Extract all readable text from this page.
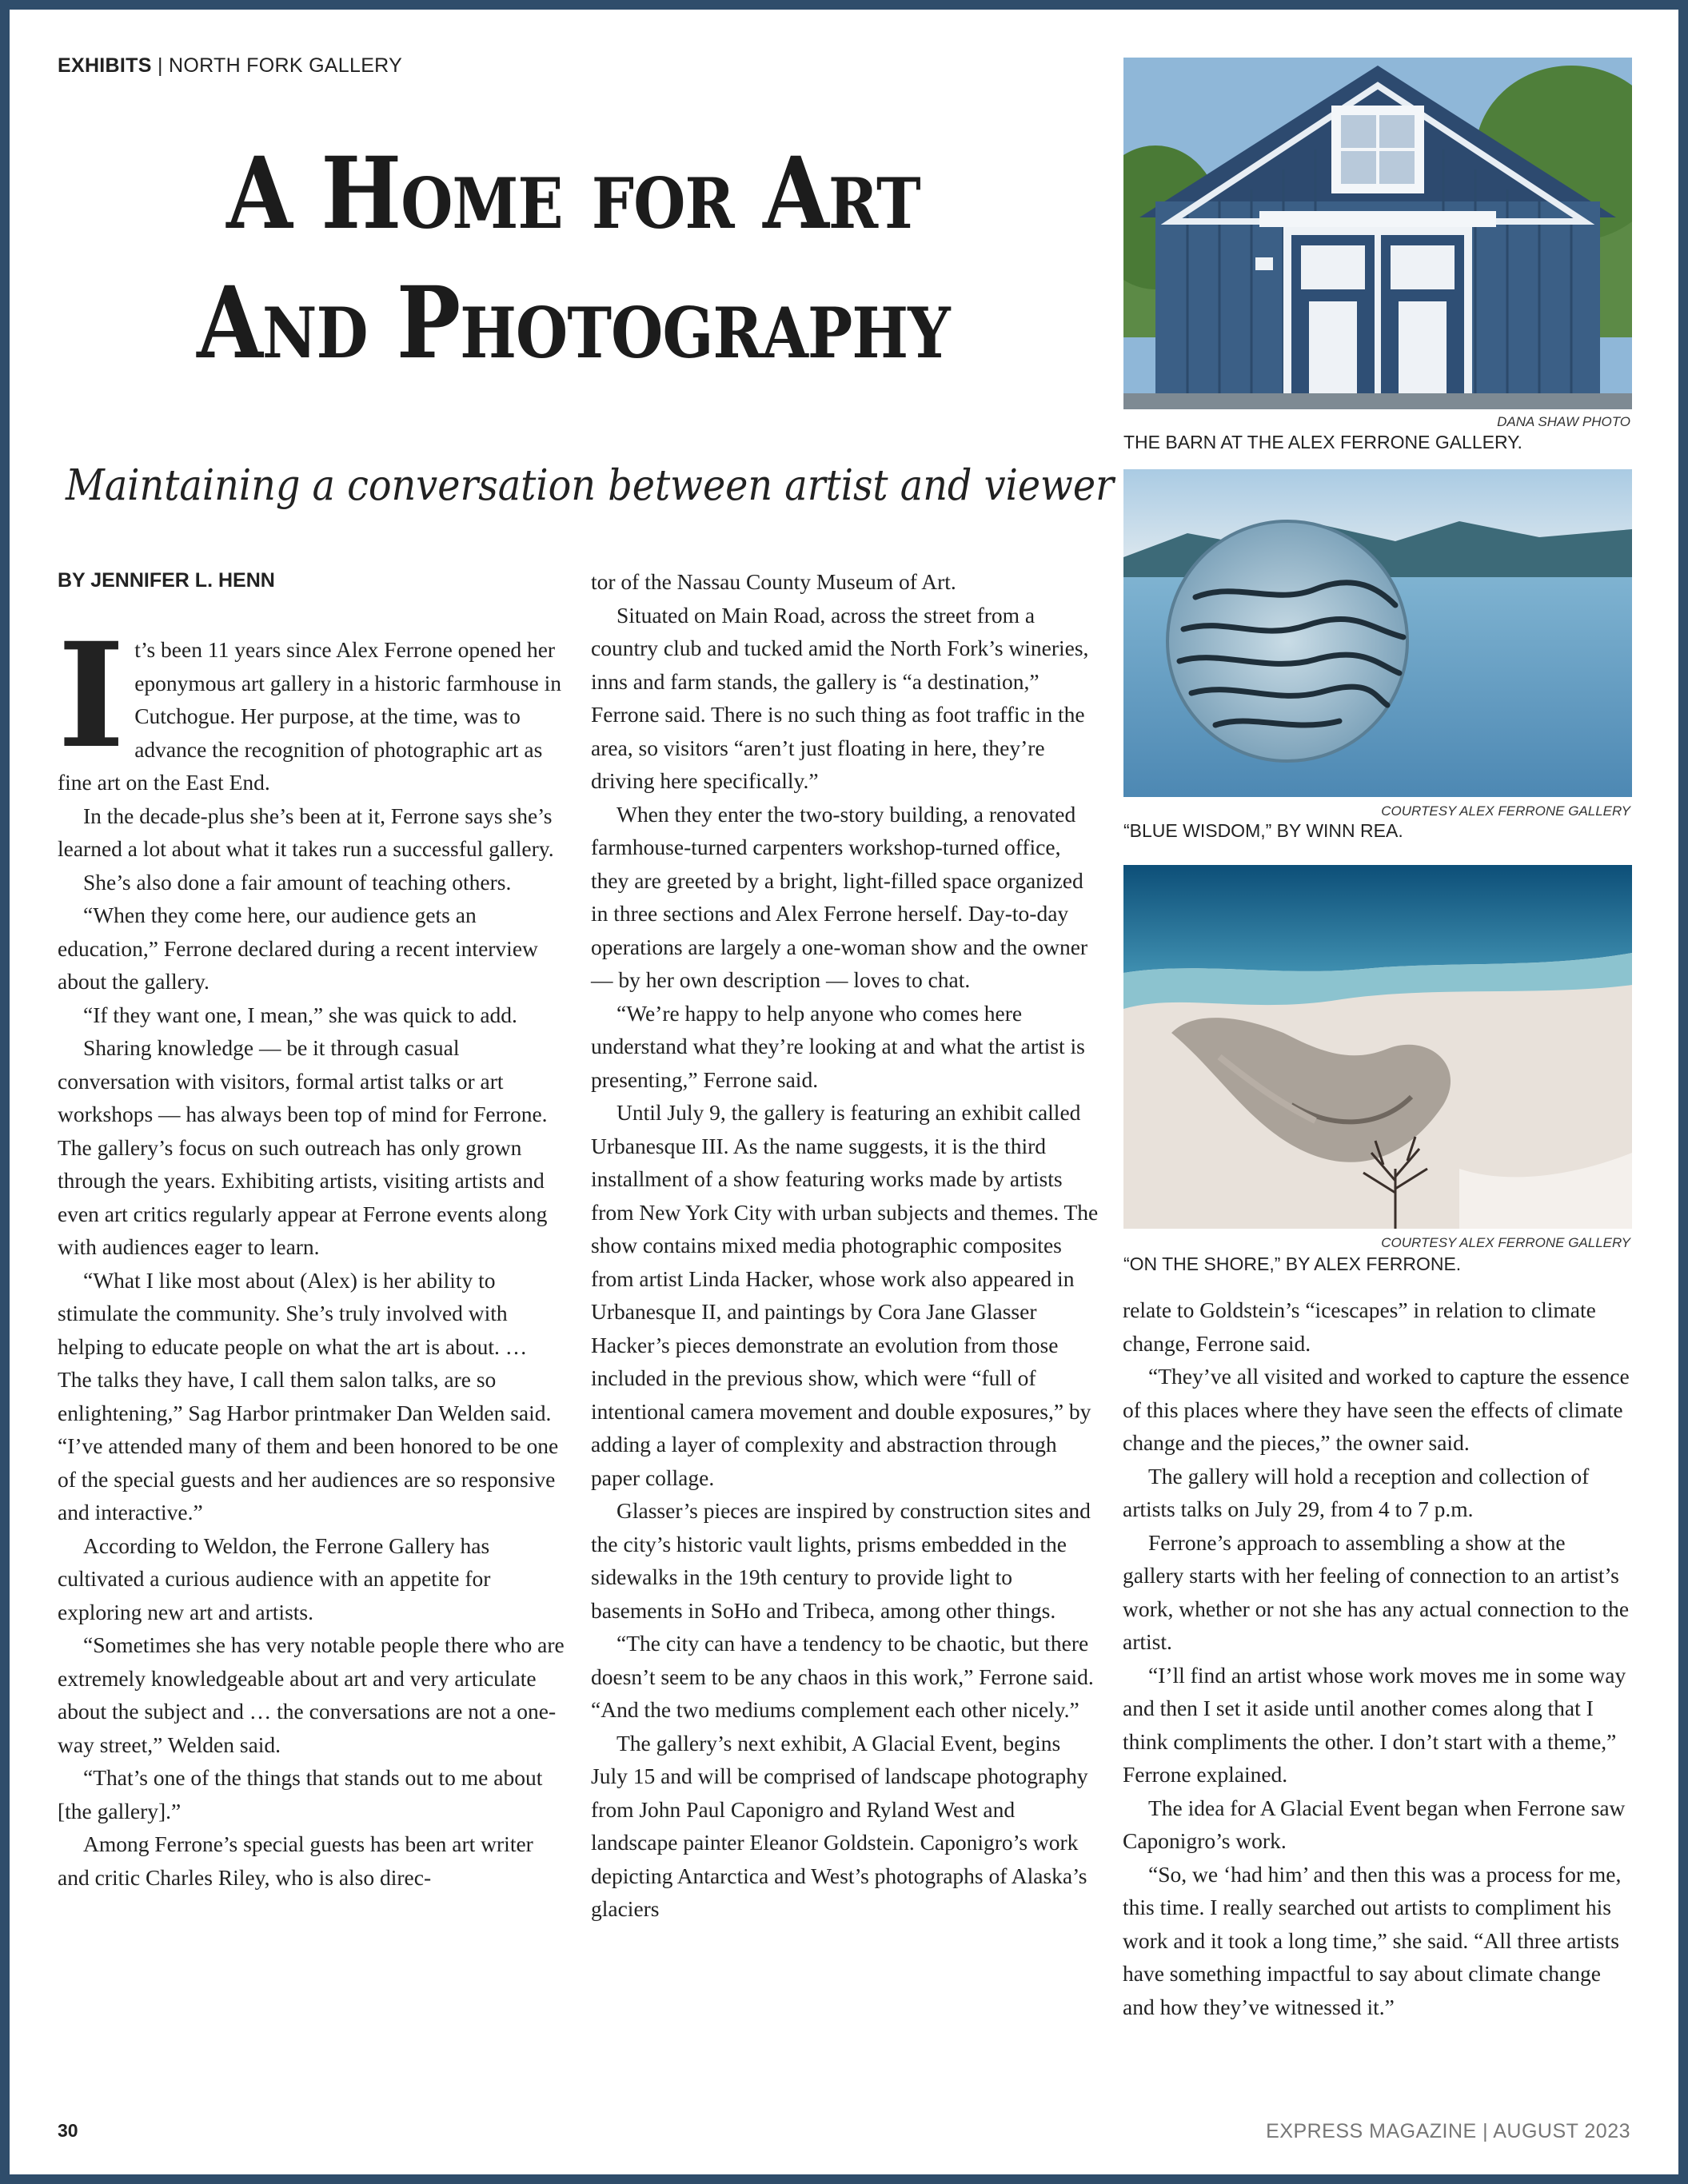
EXHIBITS | NORTH FORK GALLERY
A Home for Art
And Photography
Maintaining a conversation between artist and viewer
BY JENNIFER L. HENN
I t’s been 11 years since Alex Ferrone opened her eponymous art gallery in a historic farmhouse in Cutchogue. Her purpose, at the time, was to advance the recognition of photographic art as fine art on the East End.

In the decade-plus she’s been at it, Ferrone says she’s learned a lot about what it takes run a successful gallery.

She’s also done a fair amount of teaching others.

“When they come here, our audience gets an education,” Ferrone declared during a recent interview about the gallery.

“If they want one, I mean,” she was quick to add.

Sharing knowledge — be it through casual conversation with visitors, formal artist talks or art workshops — has always been top of mind for Ferrone. The gallery’s focus on such outreach has only grown through the years. Exhibiting artists, visiting artists and even art critics regularly appear at Ferrone events along with audiences eager to learn.

“What I like most about (Alex) is her ability to stimulate the community. She’s truly involved with helping to educate people on what the art is about. … The talks they have, I call them salon talks, are so enlightening,” Sag Harbor printmaker Dan Welden said. “I’ve attended many of them and been honored to be one of the special guests and her audiences are so responsive and interactive.”

According to Weldon, the Ferrone Gallery has cultivated a curious audience with an appetite for exploring new art and artists.

“Sometimes she has very notable people there who are extremely knowledgeable about art and very articulate about the subject and … the conversations are not a one-way street,” Welden said.

“That’s one of the things that stands out to me about [the gallery].”

Among Ferrone’s special guests has been art writer and critic Charles Riley, who is also direc-

tor of the Nassau County Museum of Art.

Situated on Main Road, across the street from a country club and tucked amid the North Fork’s wineries, inns and farm stands, the gallery is “a destination,” Ferrone said. There is no such thing as foot traffic in the area, so visitors “aren’t just floating in here, they’re driving here specifically.”

When they enter the two-story building, a renovated farmhouse-turned carpenters workshop-turned office, they are greeted by a bright, light-filled space organized in three sections and Alex Ferrone herself. Day-to-day operations are largely a one-woman show and the owner — by her own description — loves to chat.

“We’re happy to help anyone who comes here understand what they’re looking at and what the artist is presenting,” Ferrone said.

Until July 9, the gallery is featuring an exhibit called Urbanesque III. As the name suggests, it is the third installment of a show featuring works made by artists from New York City with urban subjects and themes. The show contains mixed media photographic composites from artist Linda Hacker, whose work also appeared in Urbanesque II, and paintings by Cora Jane Glasser Hacker’s pieces demonstrate an evolution from those included in the previous show, which were “full of intentional camera movement and double exposures,” by adding a layer of complexity and abstraction through paper collage.

Glasser’s pieces are inspired by construction sites and the city’s historic vault lights, prisms embedded in the sidewalks in the 19th century to provide light to basements in SoHo and Tribeca, among other things.

“The city can have a tendency to be chaotic, but there doesn’t seem to be any chaos in this work,” Ferrone said. “And the two mediums complement each other nicely.”

The gallery’s next exhibit, A Glacial Event, begins July 15 and will be comprised of landscape photography from John Paul Caponigro and Ryland West and landscape painter Eleanor Goldstein. Caponigro’s work depicting Antarctica and West’s photographs of Alaska’s glaciers

DANA SHAW PHOTO
THE BARN AT THE ALEX FERRONE GALLERY.
COURTESY ALEX FERRONE GALLERY
“BLUE WISDOM,” BY WINN REA.
COURTESY ALEX FERRONE GALLERY
“ON THE SHORE,” BY ALEX FERRONE.

relate to Goldstein’s “icescapes” in relation to climate change, Ferrone said.

“They’ve all visited and worked to capture the essence of this places where they have seen the effects of climate change and the pieces,” the owner said.

The gallery will hold a reception and collection of artists talks on July 29, from 4 to 7 p.m.

Ferrone’s approach to assembling a show at the gallery starts with her feeling of connection to an artist’s work, whether or not she has any actual connection to the artist.

“I’ll find an artist whose work moves me in some way and then I set it aside until another comes along that I think compliments the other. I don’t start with a theme,” Ferrone explained.

The idea for A Glacial Event began when Ferrone saw Caponigro’s work.

“So, we ‘had him’ and then this was a process for me, this time. I really searched out artists to compliment his work and it took a long time,” she said. “All three artists have something impactful to say about climate change and how they’ve witnessed it.”

30	EXPRESS MAGAZINE | AUGUST 2023
